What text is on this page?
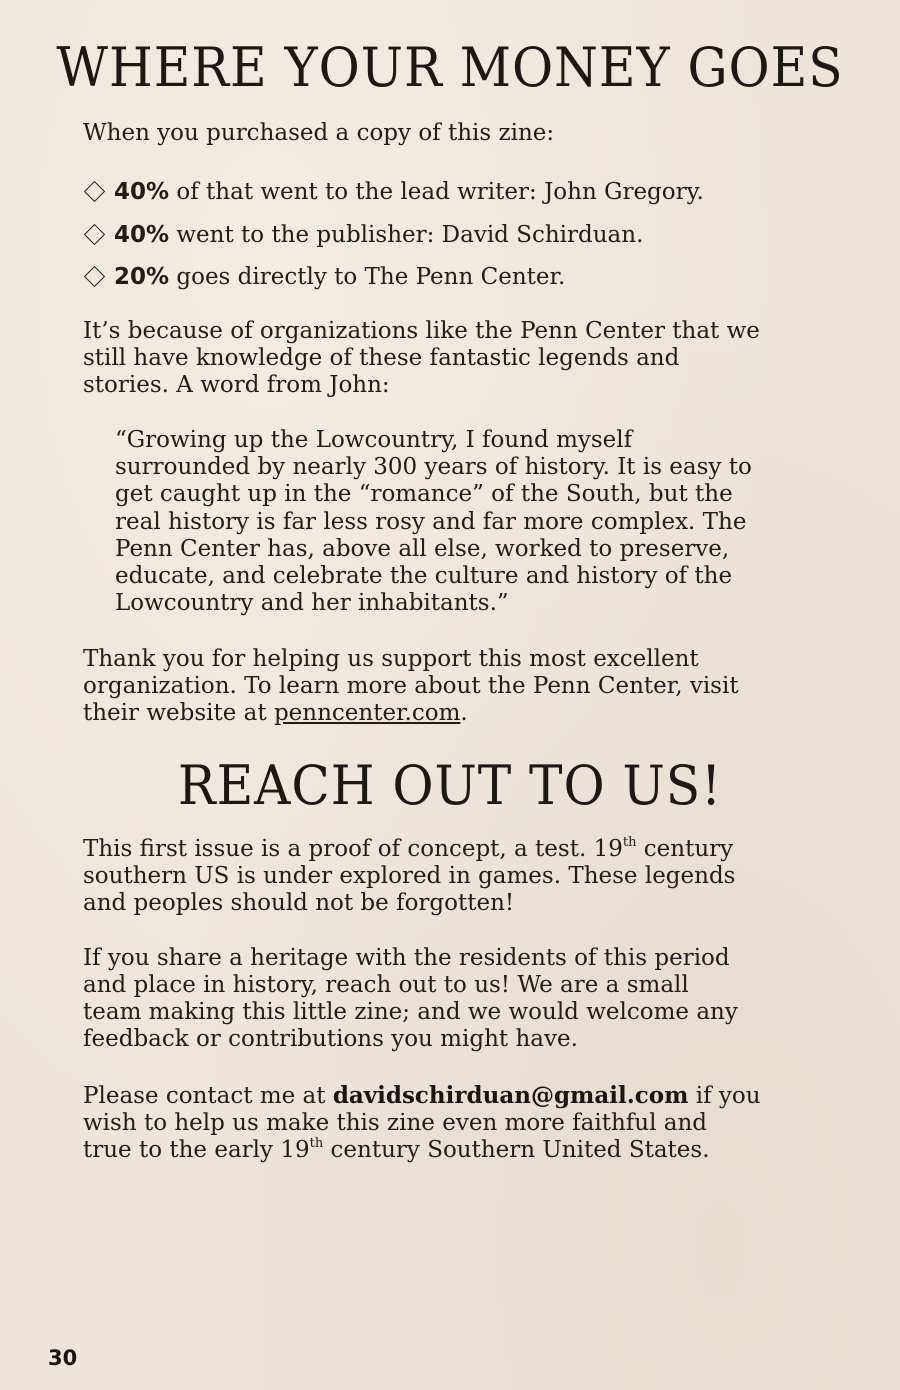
WHERE YOUR MONEY GOES

When you purchased a copy of this zine:

40% of that went to the lead writer: John Gregory.
40% went to the publisher: David Schirduan.
20% goes directly to The Penn Center.

It’s because of organizations like the Penn Center that we
still have knowledge of these fantastic legends and
stories. A word from John:

“Growing up the Lowcountry, I found myself
surrounded by nearly 300 years of history. It is easy to
get caught up in the “romance” of the South, but the
real history is far less rosy and far more complex. The
Penn Center has, above all else, worked to preserve,
educate, and celebrate the culture and history of the
Lowcountry and her inhabitants.”

Thank you for helping us support this most excellent
organization. To learn more about the Penn Center, visit
their website at penncenter.com.

REACH OUT TO US!

This first issue is a proof of concept, a test. 19th century
southern US is under explored in games. These legends
and peoples should not be forgotten!

If you share a heritage with the residents of this period
and place in history, reach out to us! We are a small
team making this little zine; and we would welcome any
feedback or contributions you might have.

Please contact me at davidschirduan@gmail.com if you
wish to help us make this zine even more faithful and
true to the early 19th century Southern United States.

30
